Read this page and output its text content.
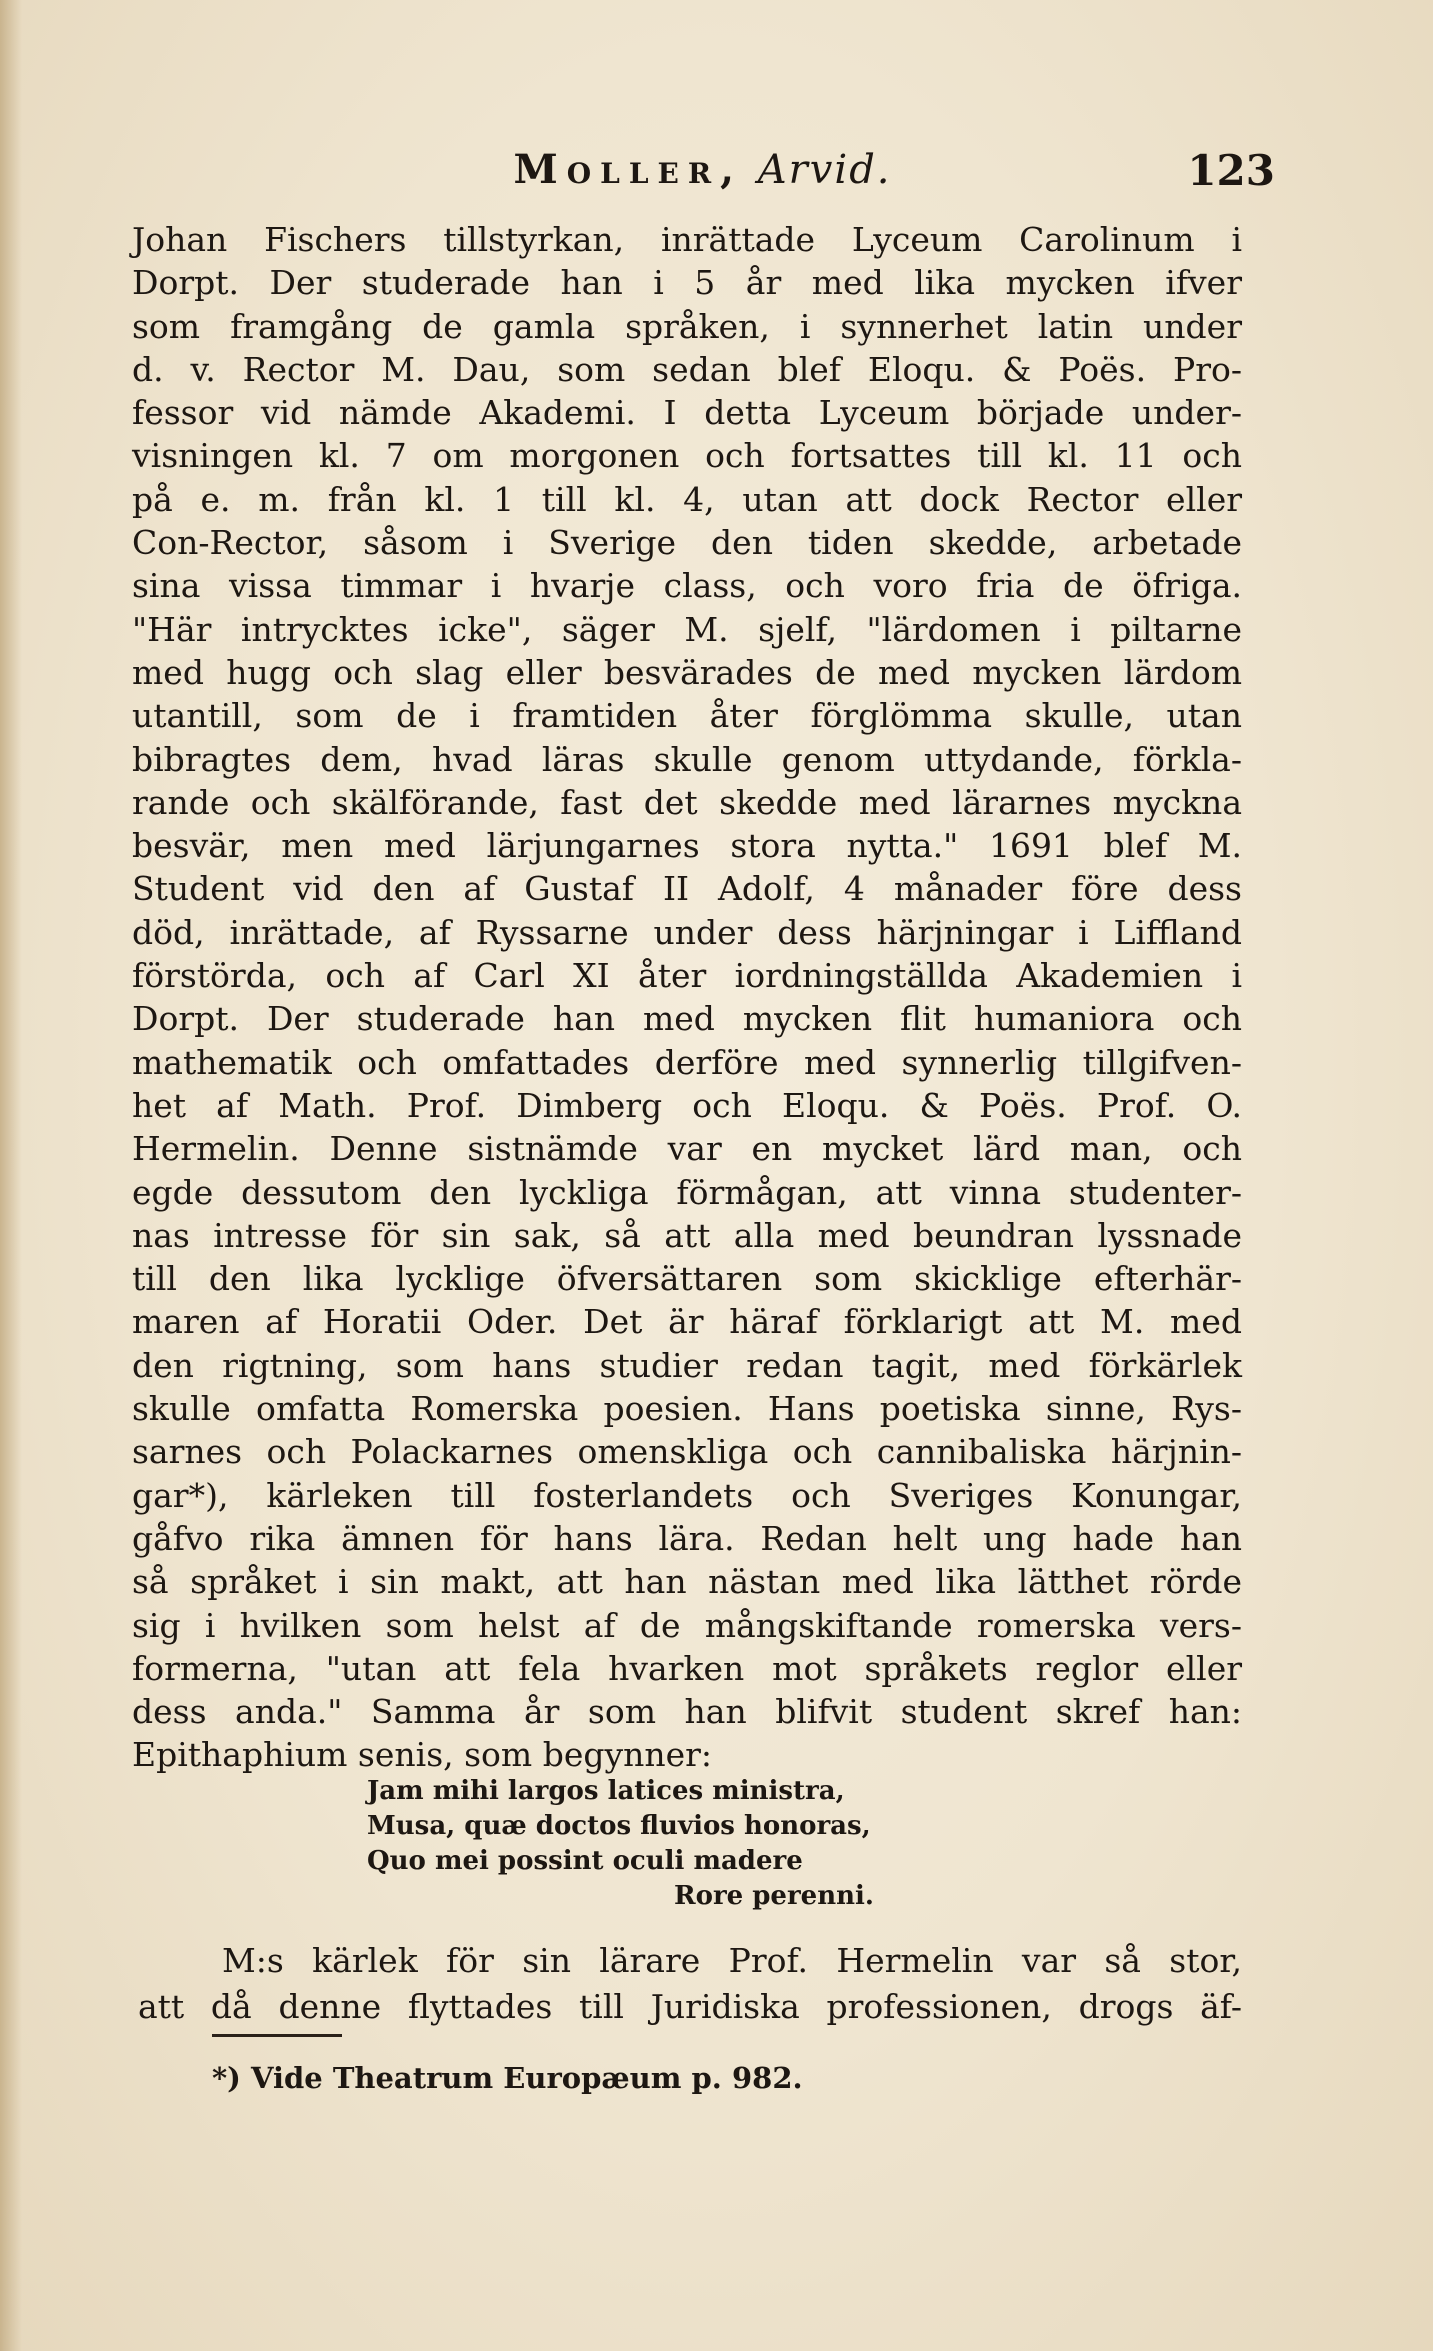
Moller, Arvid.	123
Johan Fischers tillstyrkan, inrättade Lyceum Carolinum i
Dorpt. Der studerade han i 5 år med lika mycken ifver
som framgång de gamla språken, i synnerhet latin under
d. v. Rector M. Dau, som sedan blef Eloqu. & Poës. Pro-
fessor vid nämde Akademi. I detta Lyceum började under-
visningen kl. 7 om morgonen och fortsattes till kl. 11 och
på e. m. från kl. 1 till kl. 4, utan att dock Rector eller
Con-Rector, såsom i Sverige den tiden skedde, arbetade
sina vissa timmar i hvarje class, och voro fria de öfriga.
"Här intrycktes icke", säger M. sjelf, "lärdomen i piltarne
med hugg och slag eller besvärades de med mycken lärdom
utantill, som de i framtiden åter förglömma skulle, utan
bibragtes dem, hvad läras skulle genom uttydande, förkla-
rande och skälförande, fast det skedde med lärarnes myckna
besvär, men med lärjungarnes stora nytta." 1691 blef M.
Student vid den af Gustaf II Adolf, 4 månader före dess
död, inrättade, af Ryssarne under dess härjningar i Liffland
förstörda, och af Carl XI åter iordningställda Akademien i
Dorpt. Der studerade han med mycken flit humaniora och
mathematik och omfattades derföre med synnerlig tillgifven-
het af Math. Prof. Dimberg och Eloqu. & Poës. Prof. O.
Hermelin. Denne sistnämde var en mycket lärd man, och
egde dessutom den lyckliga förmågan, att vinna studenter-
nas intresse för sin sak, så att alla med beundran lyssnade
till den lika lycklige öfversättaren som skicklige efterhär-
maren af Horatii Oder. Det är häraf förklarigt att M. med
den rigtning, som hans studier redan tagit, med förkärlek
skulle omfatta Romerska poesien. Hans poetiska sinne, Rys-
sarnes och Polackarnes omenskliga och cannibaliska härjnin-
gar*), kärleken till fosterlandets och Sveriges Konungar,
gåfvo rika ämnen för hans lära. Redan helt ung hade han
så språket i sin makt, att han nästan med lika lätthet rörde
sig i hvilken som helst af de mångskiftande romerska vers-
formerna, "utan att fela hvarken mot språkets reglor eller
dess anda." Samma år som han blifvit student skref han:
Epithaphium senis, som begynner:
Jam mihi largos latices ministra,
Musa, quæ doctos fluvios honoras,
Quo mei possint oculi madere
Rore perenni.
M:s kärlek för sin lärare Prof. Hermelin var så stor,
att då denne flyttades till Juridiska professionen, drogs äf-
*) Vide Theatrum Europæum p. 982.
